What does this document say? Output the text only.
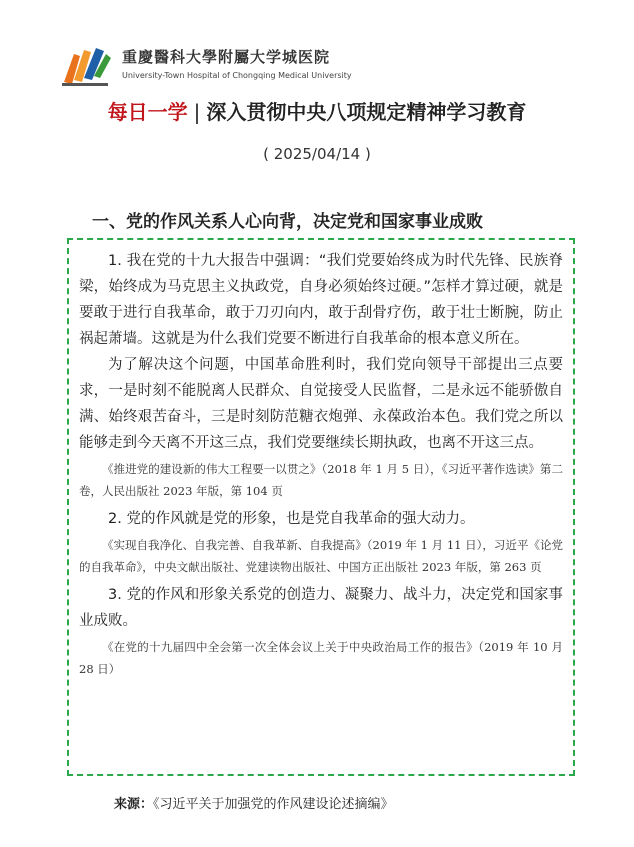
重慶醫科大學附屬大学城医院
University-Town Hospital of Chongqing Medical University
每日一学 | 深入贯彻中央八项规定精神学习教育
( 2025/04/14 )
一、党的作风关系人心向背，决定党和国家事业成败

1. 我在党的十九大报告中强调：“我们党要始终成为时代先锋、民族脊梁，始终成为马克思主义执政党，自身必须始终过硬。”怎样才算过硬，就是要敢于进行自我革命，敢于刀刃向内，敢于刮骨疗伤，敢于壮士断腕，防止祸起萧墙。这就是为什么我们党要不断进行自我革命的根本意义所在。

为了解决这个问题，中国革命胜利时，我们党向领导干部提出三点要求，一是时刻不能脱离人民群众、自觉接受人民监督，二是永远不能骄傲自满、始终艰苦奋斗，三是时刻防范糖衣炮弹、永葆政治本色。我们党之所以能够走到今天离不开这三点，我们党要继续长期执政，也离不开这三点。

《推进党的建设新的伟大工程要一以贯之》（2018 年 1 月 5 日），《习近平著作选读》第二卷，人民出版社 2023 年版，第 104 页

2. 党的作风就是党的形象，也是党自我革命的强大动力。

《实现自我净化、自我完善、自我革新、自我提高》（2019 年 1 月 11 日），习近平《论党的自我革命》，中央文献出版社、党建读物出版社、中国方正出版社 2023 年版，第 263 页

3. 党的作风和形象关系党的创造力、凝聚力、战斗力，决定党和国家事业成败。

《在党的十九届四中全会第一次全体会议上关于中央政治局工作的报告》（2019 年 10 月 28 日）

来源：《习近平关于加强党的作风建设论述摘编》
